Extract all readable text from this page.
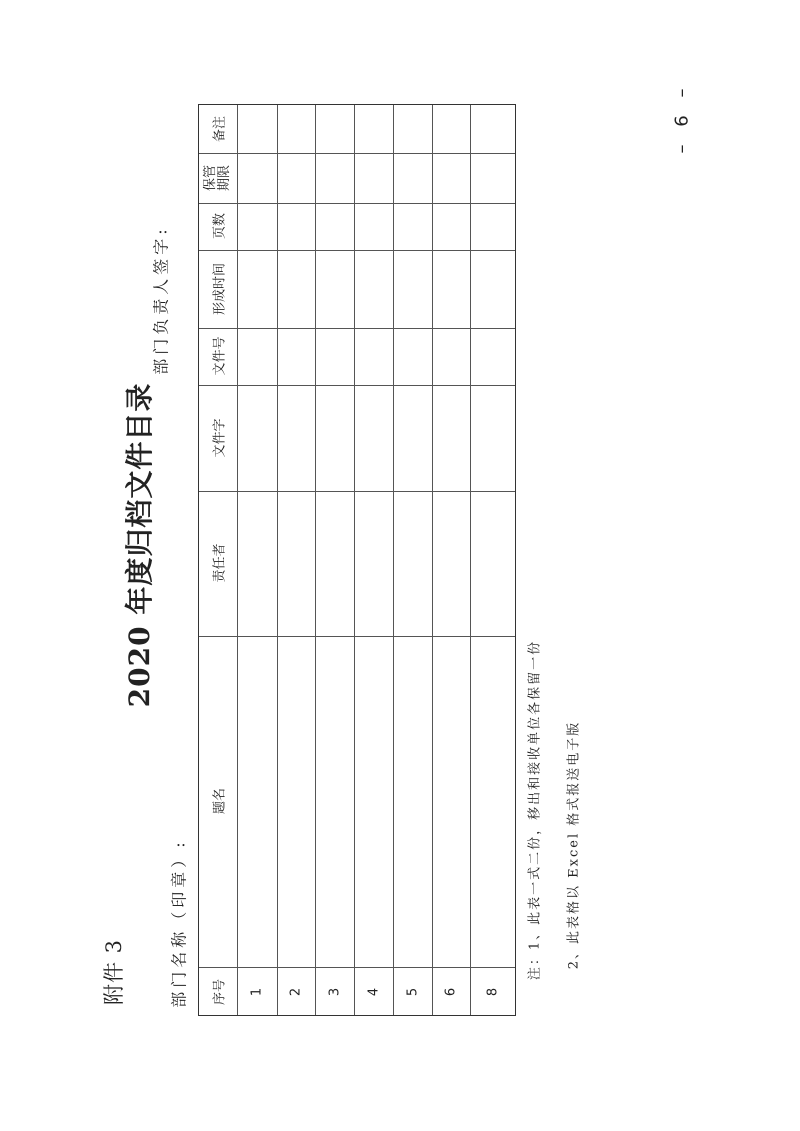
附件 3
2020 年度归档文件目录
部门名称（印章）:
部门负责人签字:
– 6 –
序号
题名
责任者
文件字
文件号
形成时间
页数
保管 期限
备注
1 2 3 4 5 6 8
注：1、此表一式二份，移出和接收单位各保留一份	2、此表格以 Excel 格式报送电子版
